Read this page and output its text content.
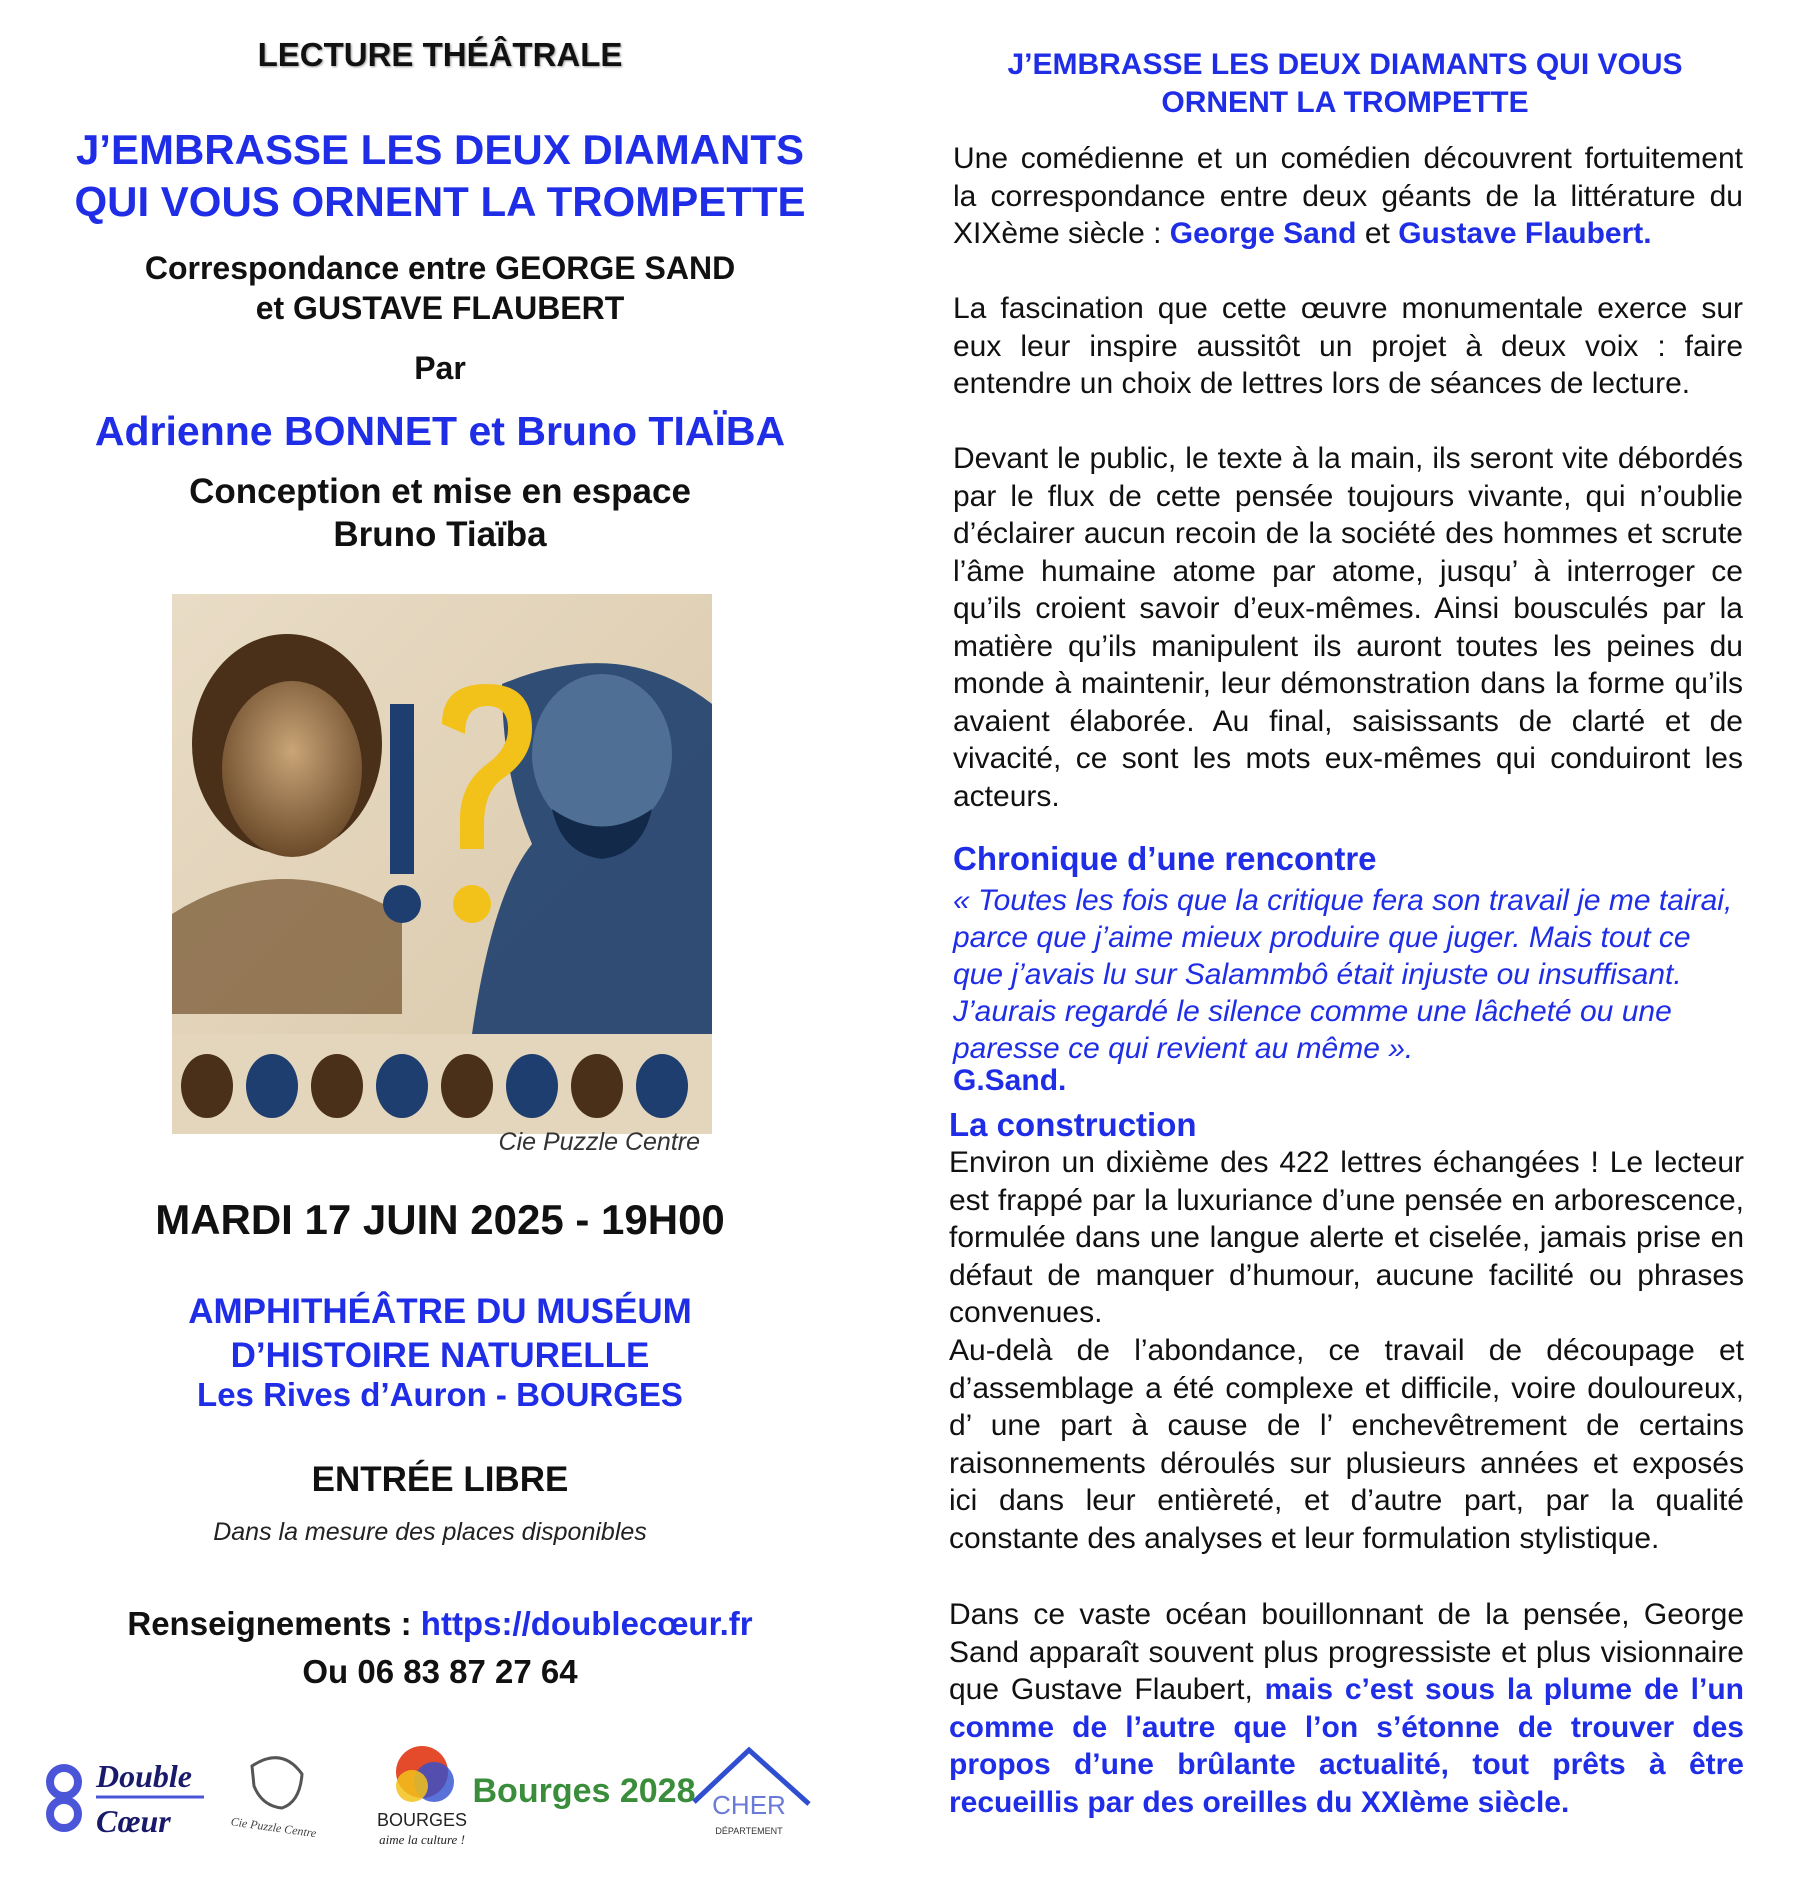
LECTURE THÉÂTRALE
J’EMBRASSE LES DEUX DIAMANTS
QUI VOUS ORNENT LA TROMPETTE
Correspondance entre GEORGE SAND
et GUSTAVE FLAUBERT
Par
Adrienne BONNET et Bruno TIAÏBA
Conception et mise en espace
Bruno Tiaïba
Cie Puzzle Centre
MARDI 17 JUIN 2025 - 19H00
AMPHITHÉÂTRE DU MUSÉUM
D’HISTOIRE NATURELLE
Les Rives d’Auron - BOURGES
ENTRÉE LIBRE
Dans la mesure des places disponibles
Renseignements : https://doublecœur.fr
Ou 06 83 87 27 64
Double
Cœur	Cie Puzzle Centre	BOURGES
aime la culture !
Bourges 2028 CHER
DÉPARTEMENT
J’EMBRASSE LES DEUX DIAMANTS QUI VOUS
ORNENT LA TROMPETTE
Une comédienne et un comédien découvrent fortuitement la correspondance entre deux géants de la littérature du XIXème siècle : George Sand et Gustave Flaubert.
La fascination que cette œuvre monumentale exerce sur eux leur inspire aussitôt un projet à deux voix : faire entendre un choix de lettres lors de séances de lecture.
Devant le public, le texte à la main, ils seront vite débordés par le flux de cette pensée toujours vivante, qui n’oublie d’éclairer aucun recoin de la société des hommes et scrute l’âme humaine atome par atome, jusqu’ à interroger ce qu’ils croient savoir d’eux-mêmes. Ainsi bousculés par la matière qu’ils manipulent ils auront toutes les peines du monde à maintenir, leur démonstration dans la forme qu’ils avaient élaborée. Au final, saisissants de clarté et de vivacité, ce sont les mots eux-mêmes qui conduiront les acteurs.
Chronique d’une rencontre
« Toutes les fois que la critique fera son travail je me tairai, parce que j’aime mieux produire que juger. Mais tout ce que j’avais lu sur Salammbô était injuste ou insuffisant. J’aurais regardé le silence comme une lâcheté ou une paresse ce qui revient au même ».
G.Sand.
La construction
Environ un dixième des 422 lettres échangées ! Le lecteur est frappé par la luxuriance d’une pensée en arborescence, formulée dans une langue alerte et ciselée, jamais prise en défaut de manquer d’humour, aucune facilité ou phrases convenues.
Au-delà de l’abondance, ce travail de découpage et d’assemblage a été complexe et difficile, voire douloureux, d’ une part à cause de l’ enchevêtrement de certains raisonnements déroulés sur plusieurs années et exposés ici dans leur entièreté, et d’autre part, par la qualité constante des analyses et leur formulation stylistique.
Dans ce vaste océan bouillonnant de la pensée, George Sand apparaît souvent plus progressiste et plus visionnaire que Gustave Flaubert, mais c’est sous la plume de l’un comme de l’autre que l’on s’étonne de trouver des propos d’une brûlante actualité, tout prêts à être recueillis par des oreilles du XXIème siècle.
